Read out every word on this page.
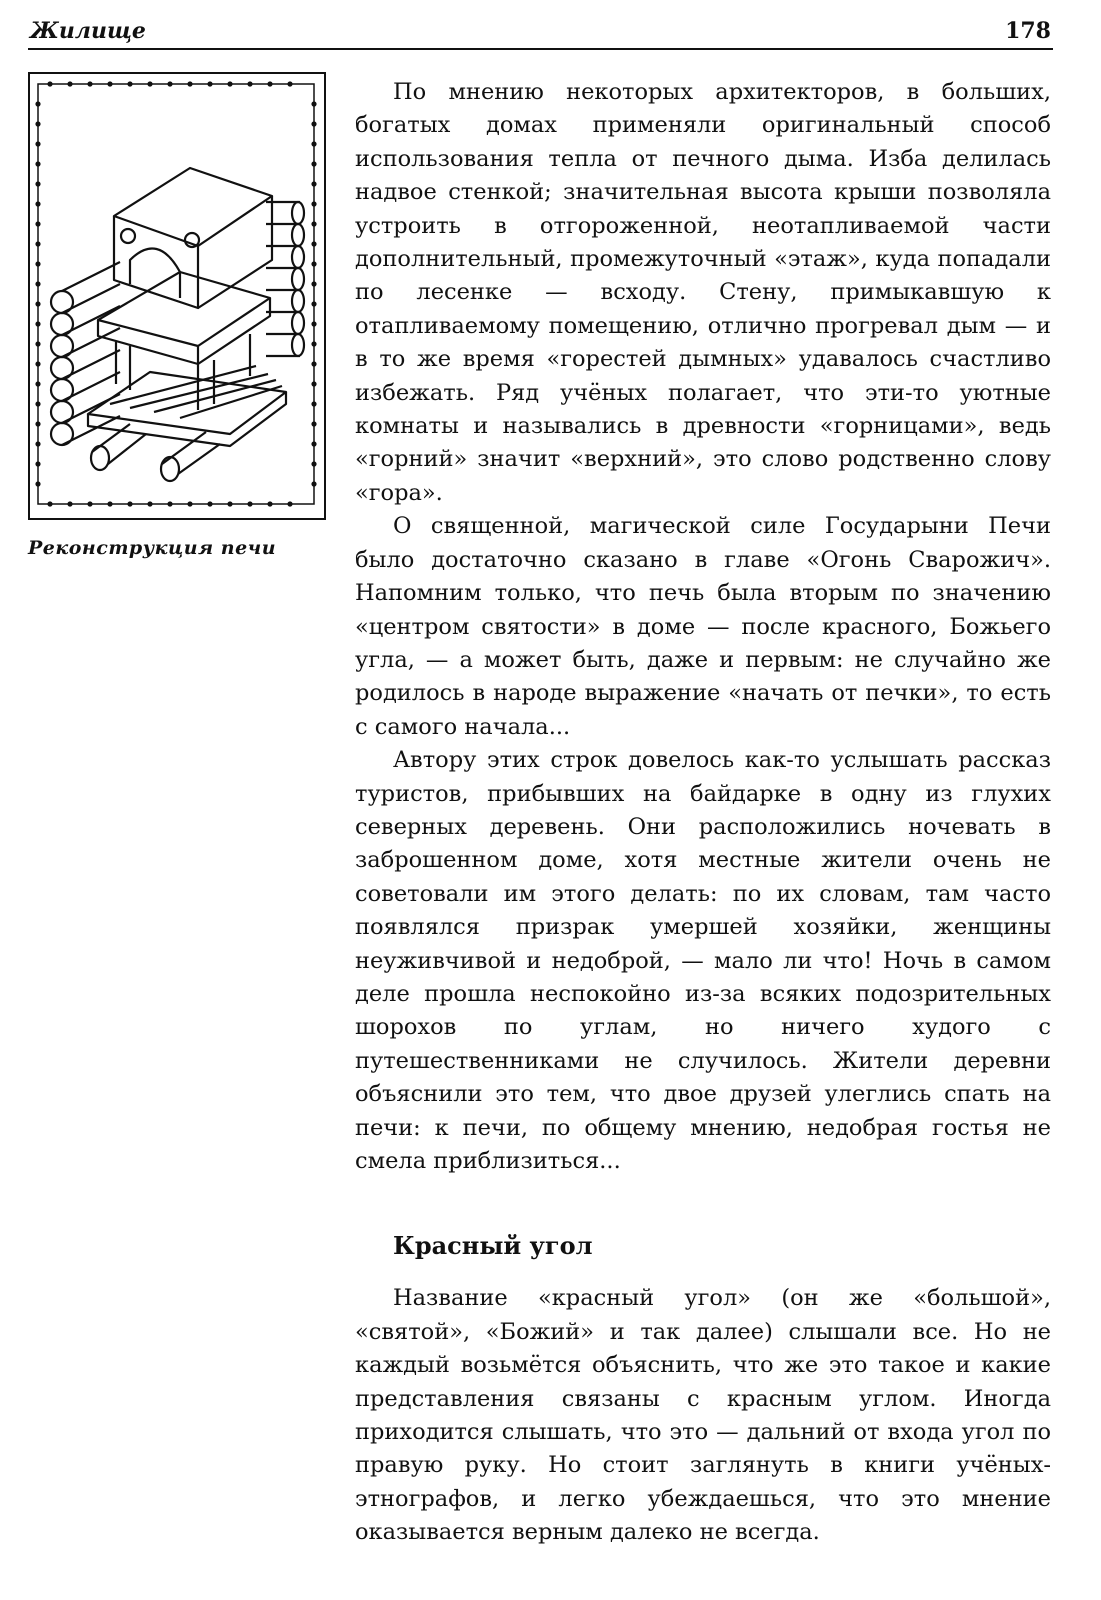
Жилище	178
Реконструкция печи

По мнению некоторых архитекторов, в больших, богатых домах применяли оригинальный способ использования тепла от печного дыма. Изба делилась надвое стенкой; значительная высота крыши позволяла устроить в отгороженной, неотапливаемой части дополнительный, промежуточный «этаж», куда попадали по лесенке — всходу. Стену, примыкавшую к отапливаемому помещению, отлично прогревал дым — и в то же время «горестей дымных» удавалось счастливо избежать. Ряд учёных полагает, что эти-то уютные комнаты и назывались в древности «горницами», ведь «горний» значит «верхний», это слово родственно слову «гора».

О священной, магической силе Государыни Печи было достаточно сказано в главе «Огонь Сварожич». Напомним только, что печь была вторым по значению «центром святости» в доме — после красного, Божьего угла, — а может быть, даже и первым: не случайно же родилось в народе выражение «начать от печки», то есть с самого начала...

Автору этих строк довелось как-то услышать рассказ туристов, прибывших на байдарке в одну из глухих северных деревень. Они расположились ночевать в заброшенном доме, хотя местные жители очень не советовали им этого делать: по их словам, там часто появлялся призрак умершей хозяйки, женщины неуживчивой и недоброй, — мало ли что! Ночь в самом деле прошла неспокойно из-за всяких подозрительных шорохов по углам, но ничего худого с путешественниками не случилось. Жители деревни объяснили это тем, что двое друзей улеглись спать на печи: к печи, по общему мнению, недобрая гостья не смела приблизиться...

Красный угол

Название «красный угол» (он же «большой», «святой», «Божий» и так далее) слышали все. Но не каждый возьмётся объяснить, что же это такое и какие представления связаны с красным углом. Иногда приходится слышать, что это — дальний от входа угол по правую руку. Но стоит заглянуть в книги учёных-этнографов, и легко убеждаешься, что это мнение оказывается верным далеко не всегда.
